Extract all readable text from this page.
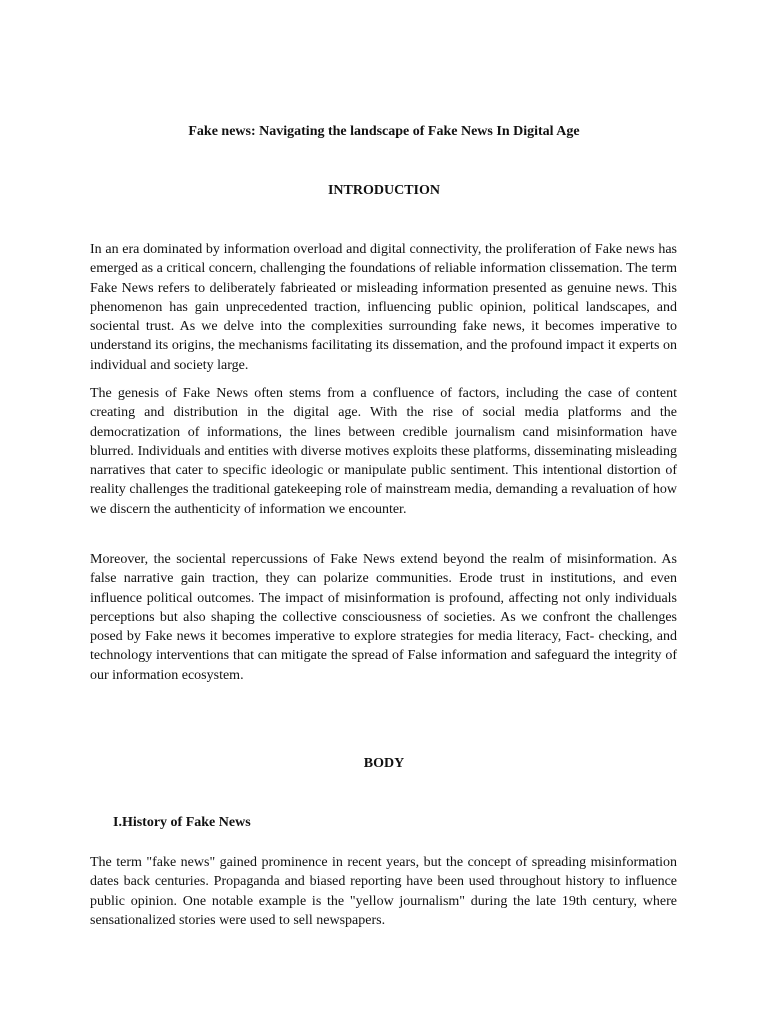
Fake news: Navigating the landscape of Fake News In Digital Age
INTRODUCTION

In an era dominated by information overload and digital connectivity, the proliferation of Fake news has emerged as a critical concern, challenging the foundations of reliable information clissemation. The term Fake News refers to deliberately fabrieated or misleading information presented as genuine news. This phenomenon has gain unprecedented traction, influencing public opinion, political landscapes, and sociental trust. As we delve into the complexities surrounding fake news, it becomes imperative to understand its origins, the mechanisms facilitating its dissemation, and the profound impact it experts on individual and society large.

The genesis of Fake News often stems from a confluence of factors, including the case of content creating and distribution in the digital age. With the rise of social media platforms and the democratization of informations, the lines between credible journalism cand misinformation have blurred. Individuals and entities with diverse motives exploits these platforms, disseminating misleading narratives that cater to specific ideologic or manipulate public sentiment. This intentional distortion of reality challenges the traditional gatekeeping role of mainstream media, demanding a revaluation of how we discern the authenticity of information we encounter.

Moreover, the sociental repercussions of Fake News extend beyond the realm of misinformation. As false narrative gain traction, they can polarize communities. Erode trust in institutions, and even influence political outcomes. The impact of misinformation is profound, affecting not only individuals perceptions but also shaping the collective consciousness of societies. As we confront the challenges posed by Fake news it becomes imperative to explore strategies for media literacy, Fact- checking, and technology interventions that can mitigate the spread of False information and safeguard the integrity of our information ecosystem.

BODY
I.History of Fake News

The term "fake news" gained prominence in recent years, but the concept of spreading misinformation dates back centuries. Propaganda and biased reporting have been used throughout history to influence public opinion. One notable example is the "yellow journalism" during the late 19th century, where sensationalized stories were used to sell newspapers.
